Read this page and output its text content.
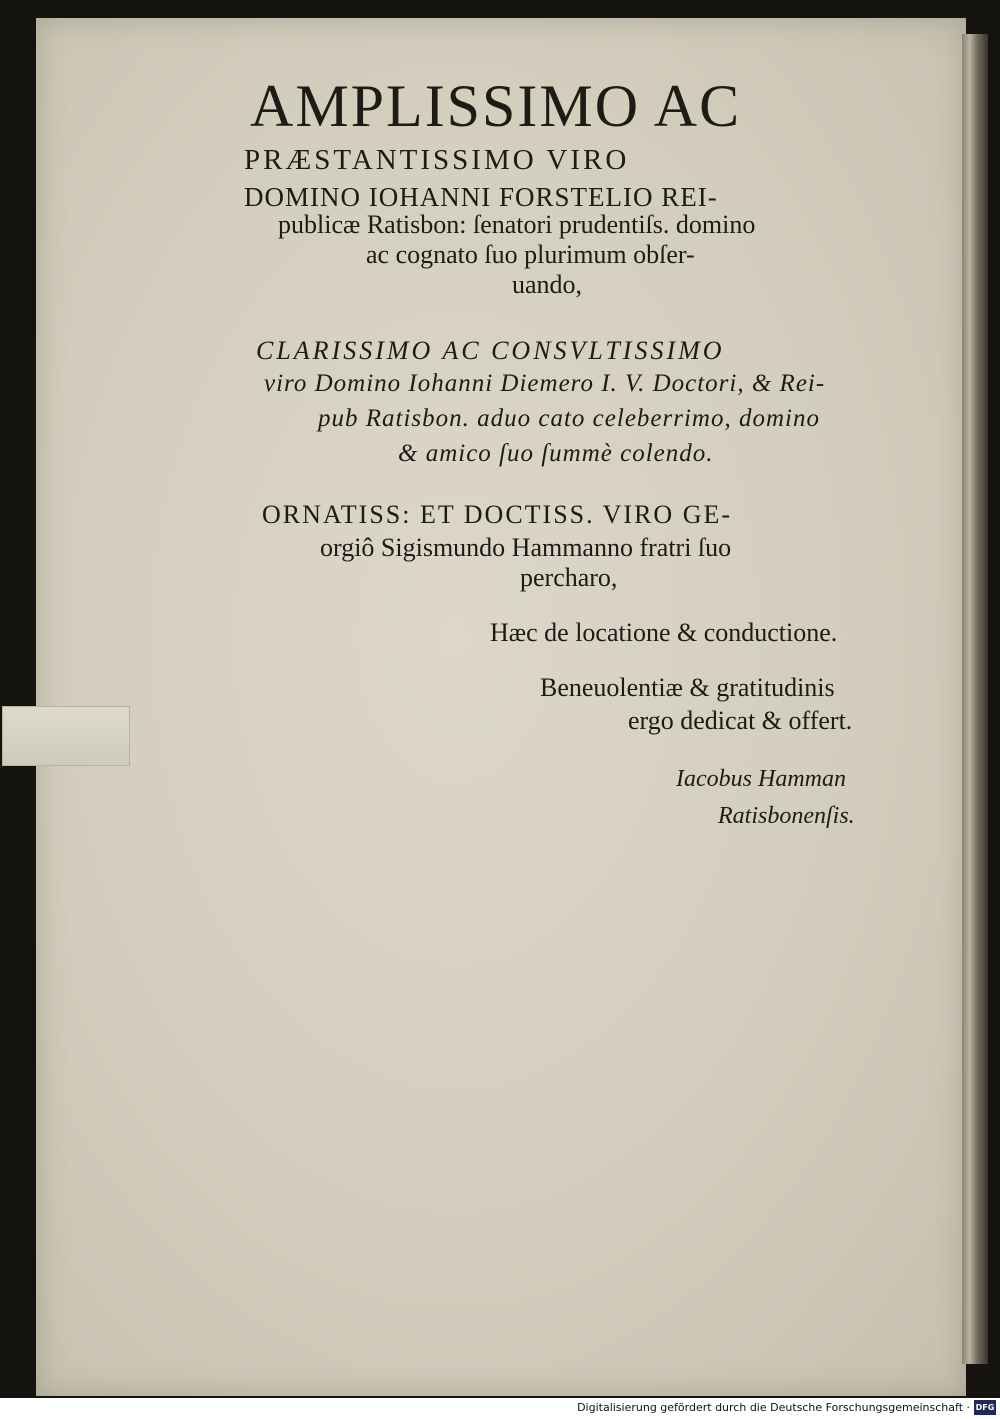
AMPLISSIMO AC
PRÆSTANTISSIMO VIRO
DOMINO IOHANNI FORSTELIO REI-
publicæ Ratisbon: ſenatori prudentiſs. domino
ac cognato ſuo plurimum obſer-
uando,
CLARISSIMO AC CONSVLTISSIMO
viro Domino Iohanni Diemero I. V. Doctori, & Rei-
pub Ratisbon. aduo cato celeberrimo, domino
& amico ſuo ſummè colendo.
ORNATISS: ET DOCTISS. VIRO GE-
orgiô Sigismundo Hammanno fratri ſuo
percharo,
Hæc de locatione & conductione.
Beneuolentiæ & gratitudinis
ergo dedicat & offert.
Iacobus Hamman
Ratisbonenſis.
Digitalisierung gefördert durch die Deutsche Forschungsgemeinschaft · DFG
